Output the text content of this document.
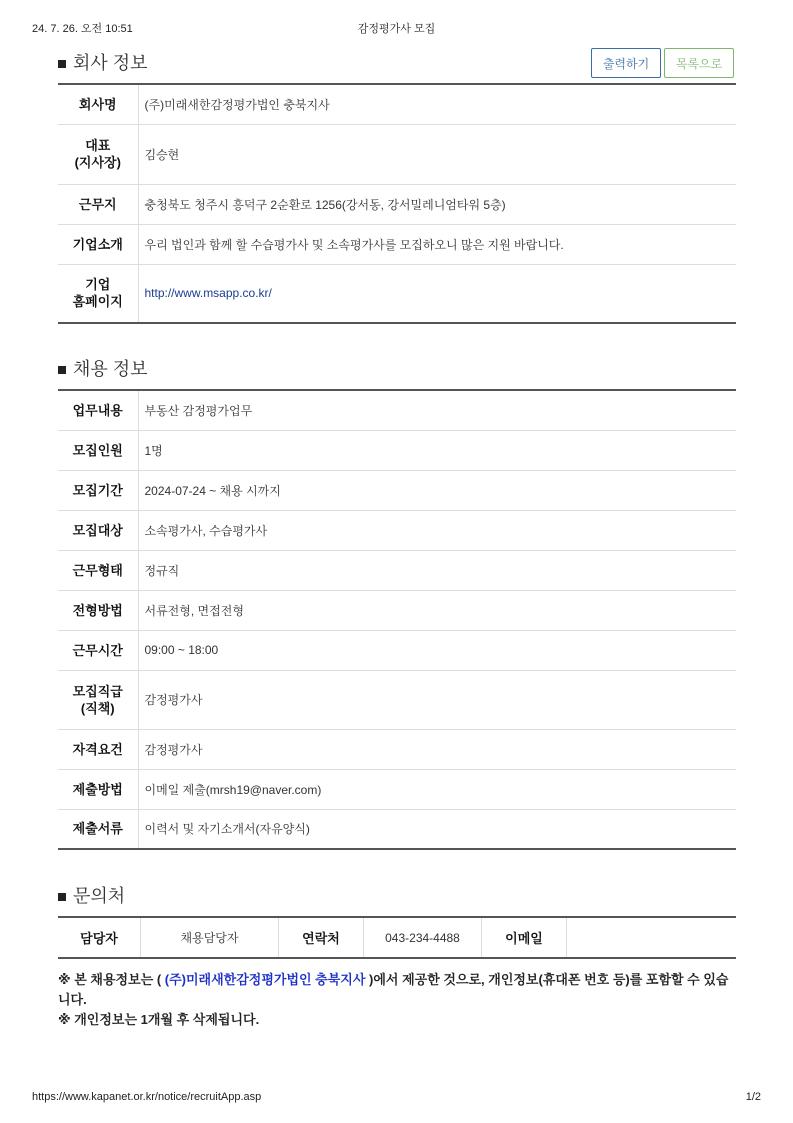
24. 7. 26. 오전 10:51	감정평가사 모집
회사 정보	출력하기	목록으로
회사명	(주)미래새한감정평가법인 충북지사
대표
(지사장)	김승현
근무지	충청북도 청주시 흥덕구 2순환로 1256(강서동, 강서밀레니엄타워 5층)
기업소개	우리 법인과 함께 할 수습평가사 및 소속평가사를 모집하오니 많은 지원 바랍니다.
기업
홈페이지	http://www.msapp.co.kr/
채용 정보
업무내용	부동산 감정평가업무
모집인원	1명
모집기간	2024-07-24 ~ 채용 시까지
모집대상	소속평가사, 수습평가사
근무형태	정규직
전형방법	서류전형, 면접전형
근무시간	09:00 ~ 18:00
모집직급
(직책)	감정평가사
자격요건	감정평가사
제출방법	이메일 제출(mrsh19@naver.com)
제출서류	이력서 및 자기소개서(자유양식)
문의처
담당자	채용담당자	연락처	043-234-4488	이메일	
※ 본 채용정보는 ( (주)미래새한감정평가법인 충북지사 )에서 제공한 것으로, 개인정보(휴대폰 번호 등)를 포함할 수 있습니다.
※ 개인정보는 1개월 후 삭제됩니다.
https://www.kapanet.or.kr/notice/recruitApp.asp	1/2
